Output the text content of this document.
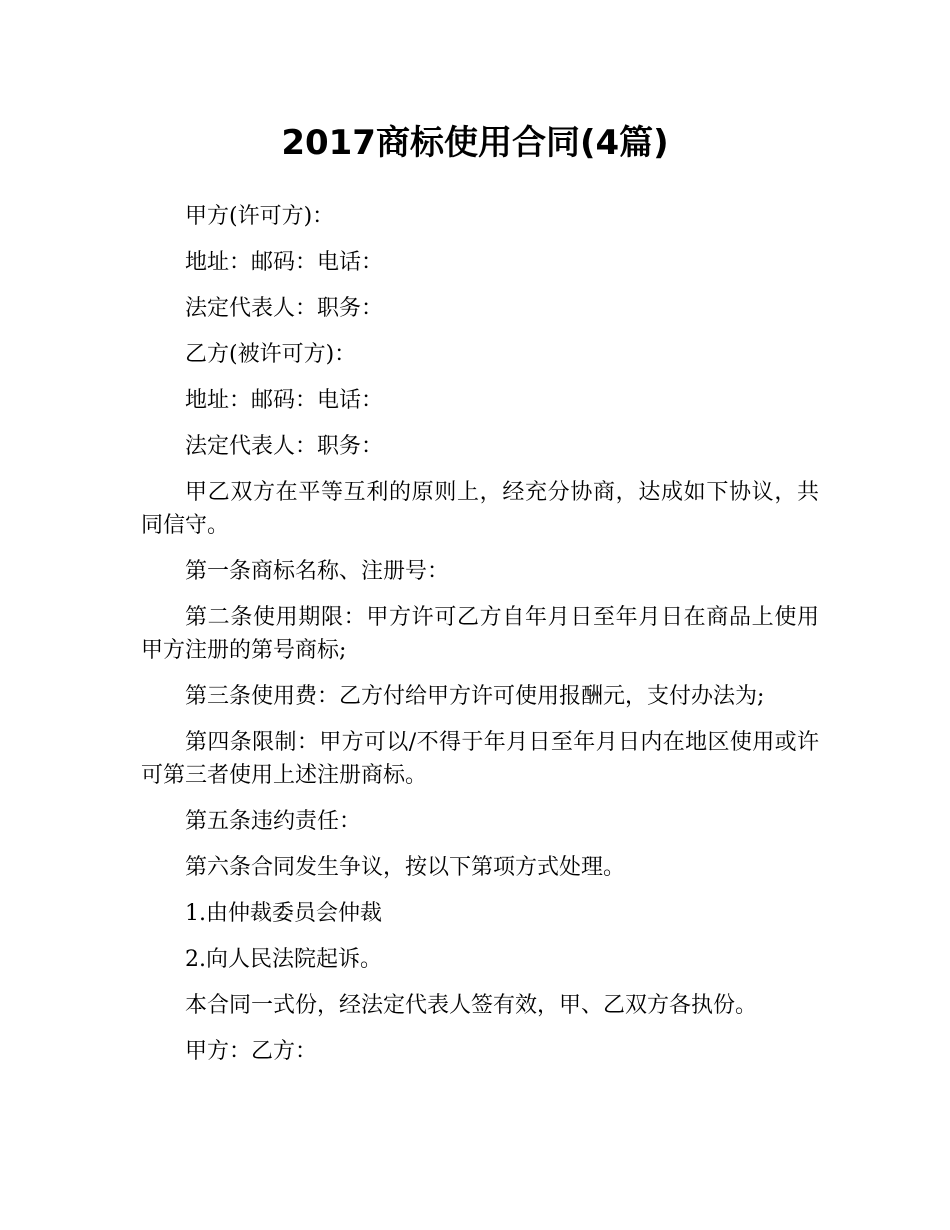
2017商标使用合同(4篇)

甲方(许可方)：

地址：邮码：电话：

法定代表人：职务：

乙方(被许可方)：

地址：邮码：电话：

法定代表人：职务：

甲乙双方在平等互利的原则上，经充分协商，达成如下协议，共同信守。

第一条商标名称、注册号：

第二条使用期限：甲方许可乙方自年月日至年月日在商品上使用甲方注册的第号商标;

第三条使用费：乙方付给甲方许可使用报酬元，支付办法为;

第四条限制：甲方可以/不得于年月日至年月日内在地区使用或许可第三者使用上述注册商标。

第五条违约责任：

第六条合同发生争议，按以下第项方式处理。

1.由仲裁委员会仲裁

2.向人民法院起诉。

本合同一式份，经法定代表人签有效，甲、乙双方各执份。

甲方：乙方：
